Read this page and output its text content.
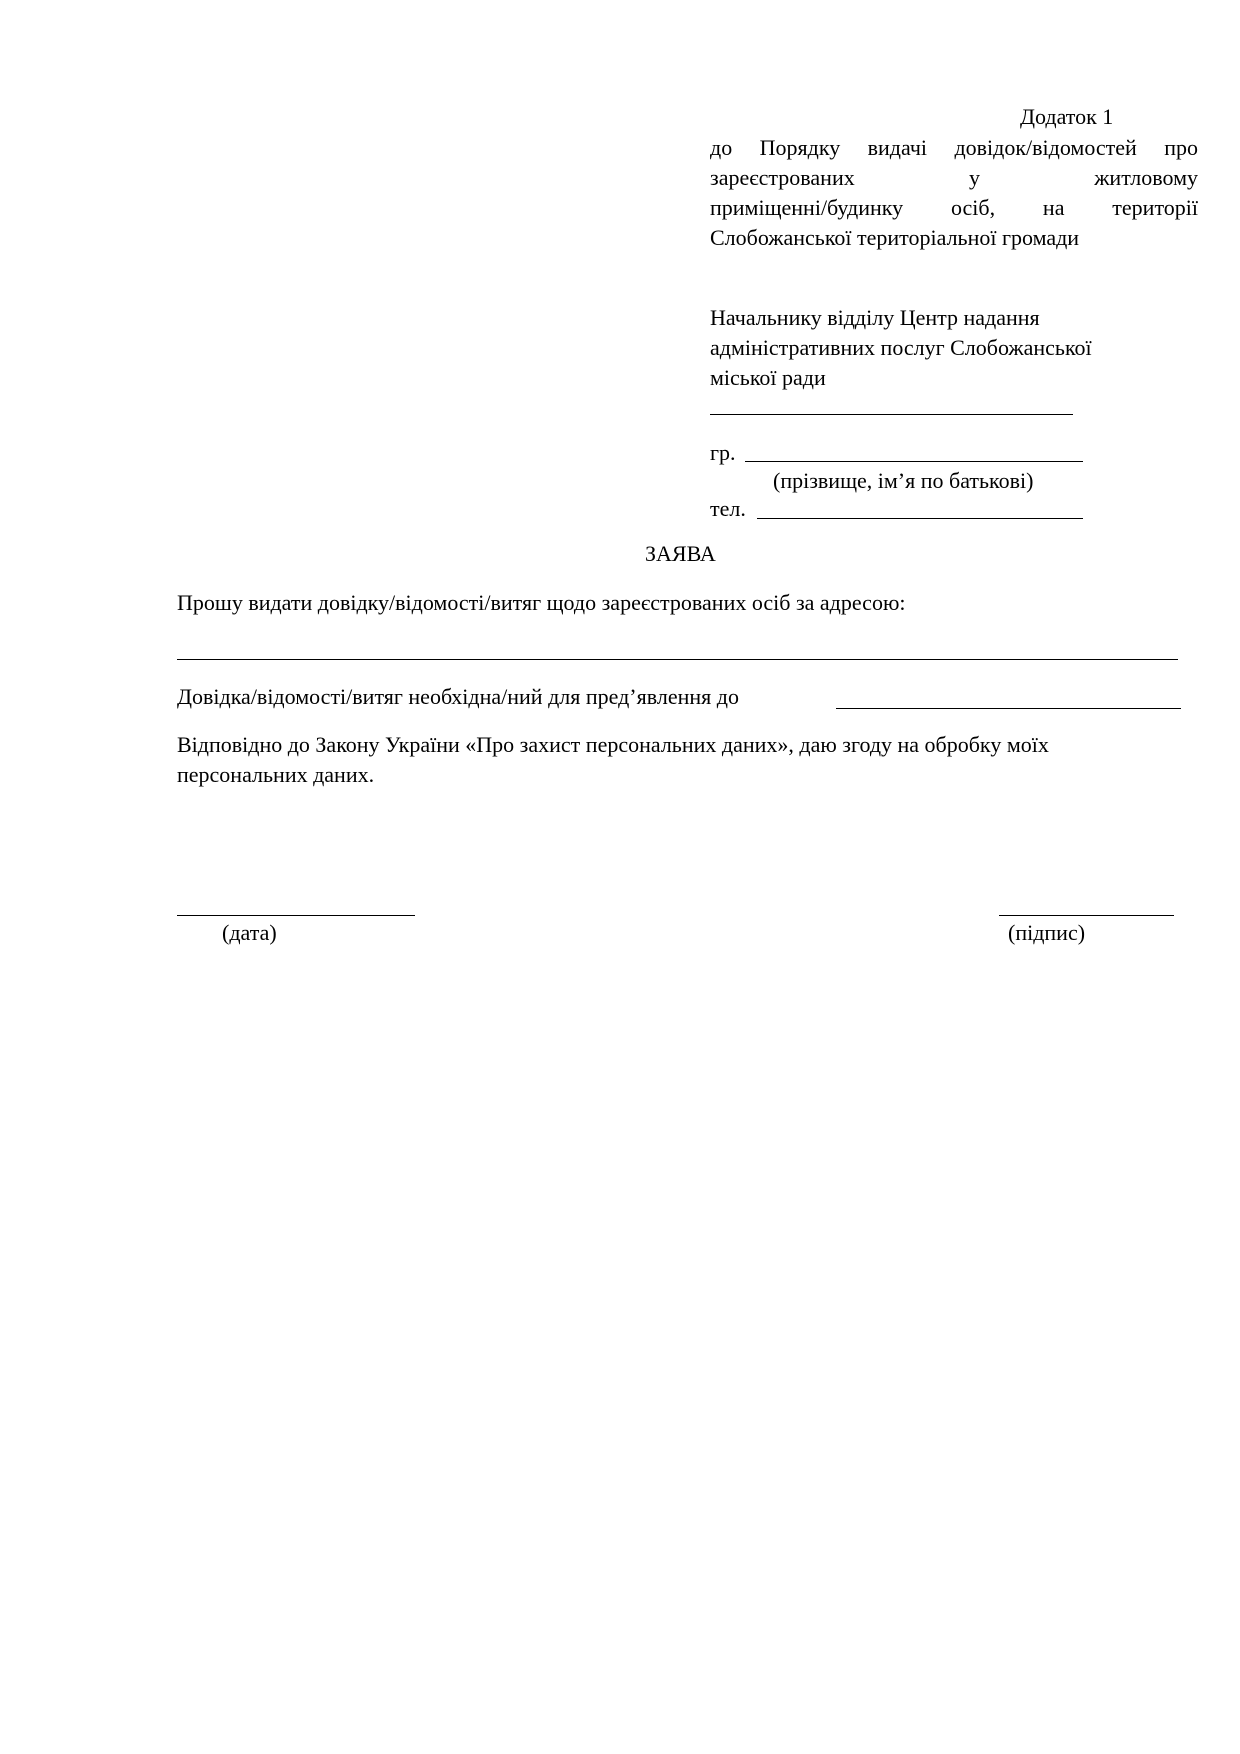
Додаток 1
до Порядку видачі довідок/відомостей про
зареєстрованих у житловому
приміщенні/будинку осіб, на території
Слобожанської територіальної громади
Начальнику відділу Центр надання
адміністративних послуг Слобожанської
міської ради
гр.
(прізвище, ім’я по батькові)
тел.
ЗАЯВА
Прошу видати довідку/відомості/витяг щодо зареєстрованих осіб за адресою:
Довідка/відомості/витяг необхідна/ний для пред’явлення до
Відповідно до Закону України «Про захист персональних даних», даю згоду на обробку моїх персональних даних.
(дата)	(підпис)
